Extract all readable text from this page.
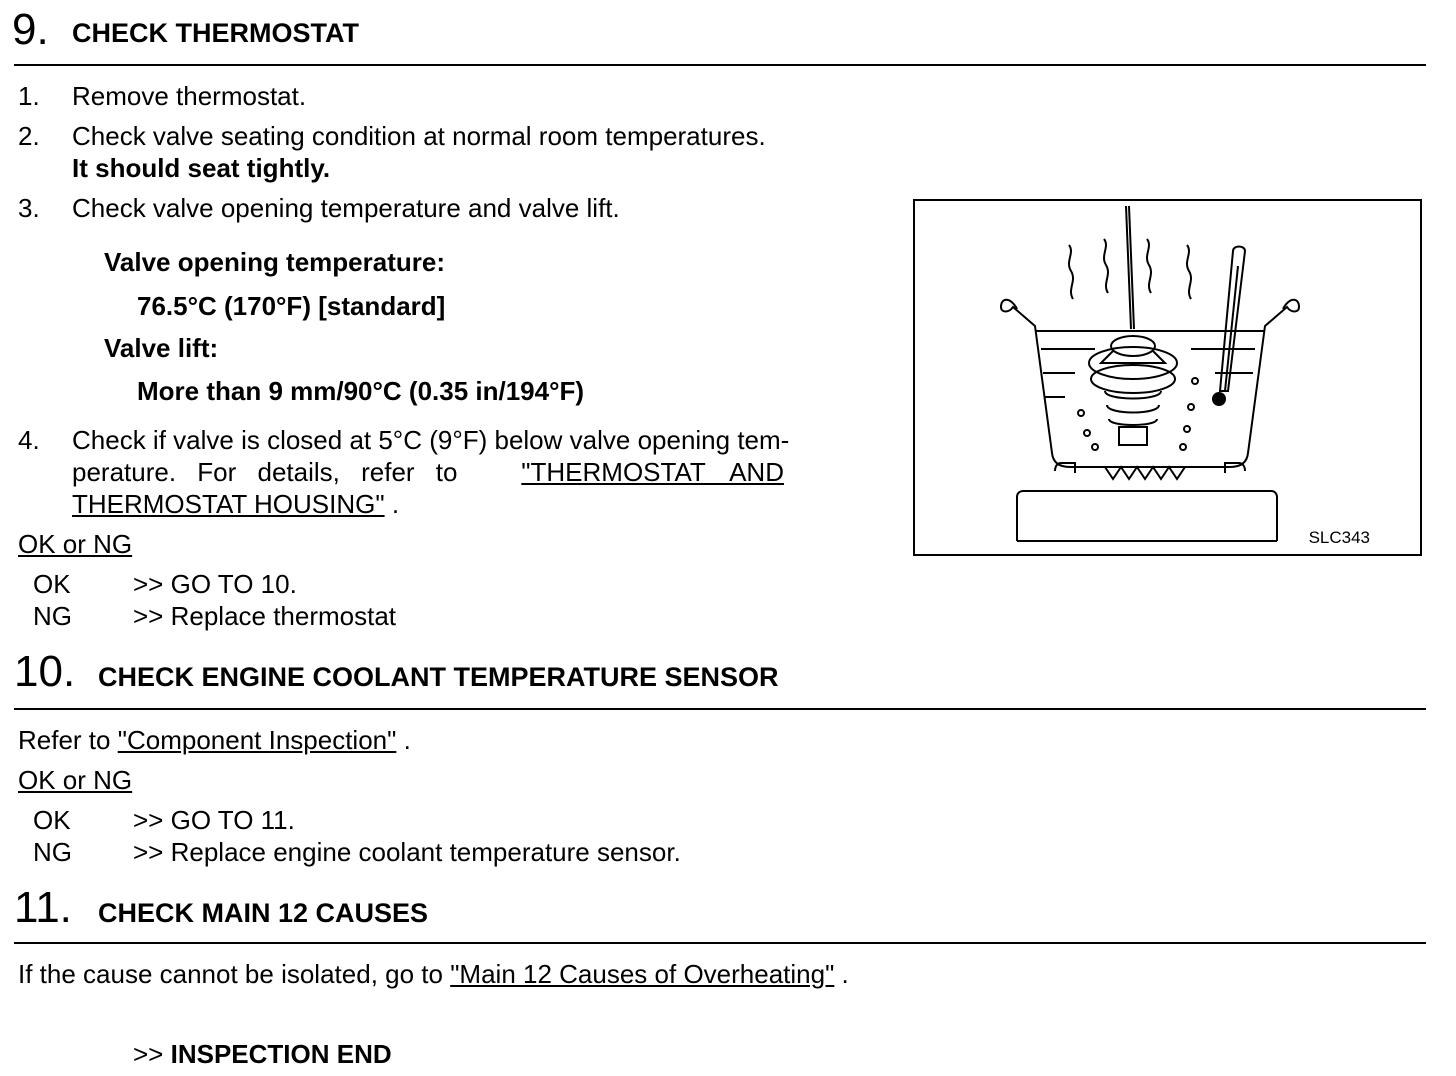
9. CHECK THERMOSTAT
1. Remove thermostat.
2. Check valve seating condition at normal room temperatures.
It should seat tightly.
3. Check valve opening temperature and valve lift.
Valve opening temperature:
76.5°C (170°F) [standard]
Valve lift:
More than 9 mm/90°C (0.35 in/194°F)
4. Check if valve is closed at 5°C (9°F) below valve opening tem-
perature. For details, refer to "THERMOSTAT AND
THERMOSTAT HOUSING" .
OK or NG
OK >> GO TO 10.
NG >> Replace thermostat
SLC343
10. CHECK ENGINE COOLANT TEMPERATURE SENSOR
Refer to "Component Inspection" .
OK or NG
OK >> GO TO 11.
NG >> Replace engine coolant temperature sensor.
11. CHECK MAIN 12 CAUSES
If the cause cannot be isolated, go to "Main 12 Causes of Overheating" .
>> INSPECTION END
